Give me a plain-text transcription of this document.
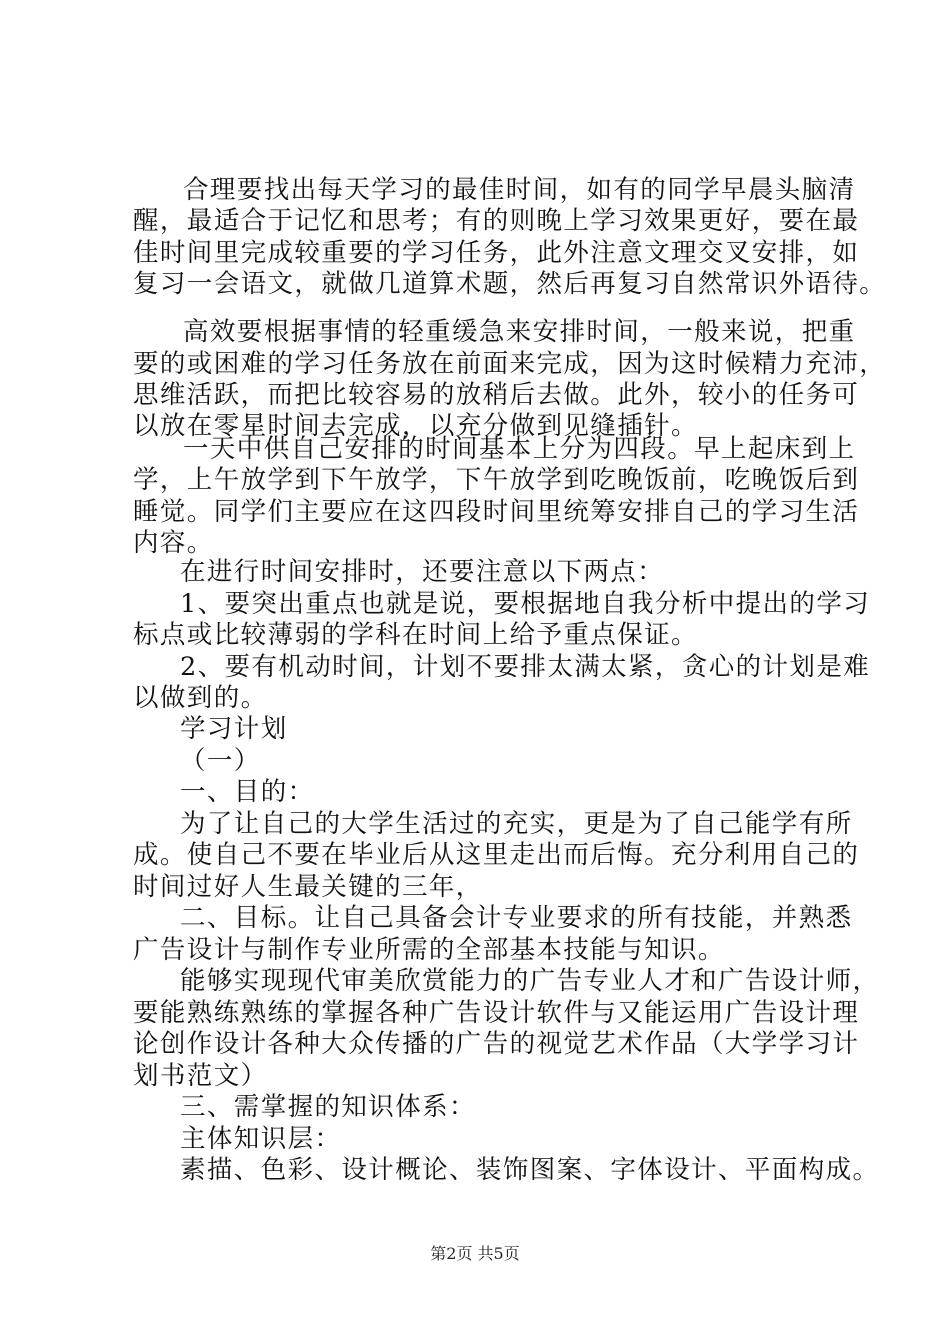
第2页 共5页
合理要找出每天学习的最佳时间，如有的同学早晨头脑清
醒，最适合于记忆和思考；有的则晚上学习效果更好，要在最
佳时间里完成较重要的学习任务，此外注意文理交叉安排，如
复习一会语文，就做几道算术题，然后再复习自然常识外语待。
高效要根据事情的轻重缓急来安排时间，一般来说，把重
要的或困难的学习任务放在前面来完成，因为这时候精力充沛，
思维活跃，而把比较容易的放稍后去做。此外，较小的任务可
以放在零星时间去完成，以充分做到见缝插针。
一天中供自己安排的时间基本上分为四段。早上起床到上
学，上午放学到下午放学，下午放学到吃晚饭前，吃晚饭后到
睡觉。同学们主要应在这四段时间里统筹安排自己的学习生活
内容。
在进行时间安排时，还要注意以下两点：
1、要突出重点也就是说，要根据地自我分析中提出的学习
标点或比较薄弱的学科在时间上给予重点保证。
2、要有机动时间，计划不要排太满太紧，贪心的计划是难
以做到的。
学习计划
（一）
一、目的：
为了让自己的大学生活过的充实，更是为了自己能学有所
成。使自己不要在毕业后从这里走出而后悔。充分利用自己的
时间过好人生最关键的三年，
二、目标。让自己具备会计专业要求的所有技能，并熟悉
广告设计与制作专业所需的全部基本技能与知识。
能够实现现代审美欣赏能力的广告专业人才和广告设计师，
要能熟练熟练的掌握各种广告设计软件与又能运用广告设计理
论创作设计各种大众传播的广告的视觉艺术作品（大学学习计
划书范文）
三、需掌握的知识体系：
主体知识层：
素描、色彩、设计概论、装饰图案、字体设计、平面构成。
